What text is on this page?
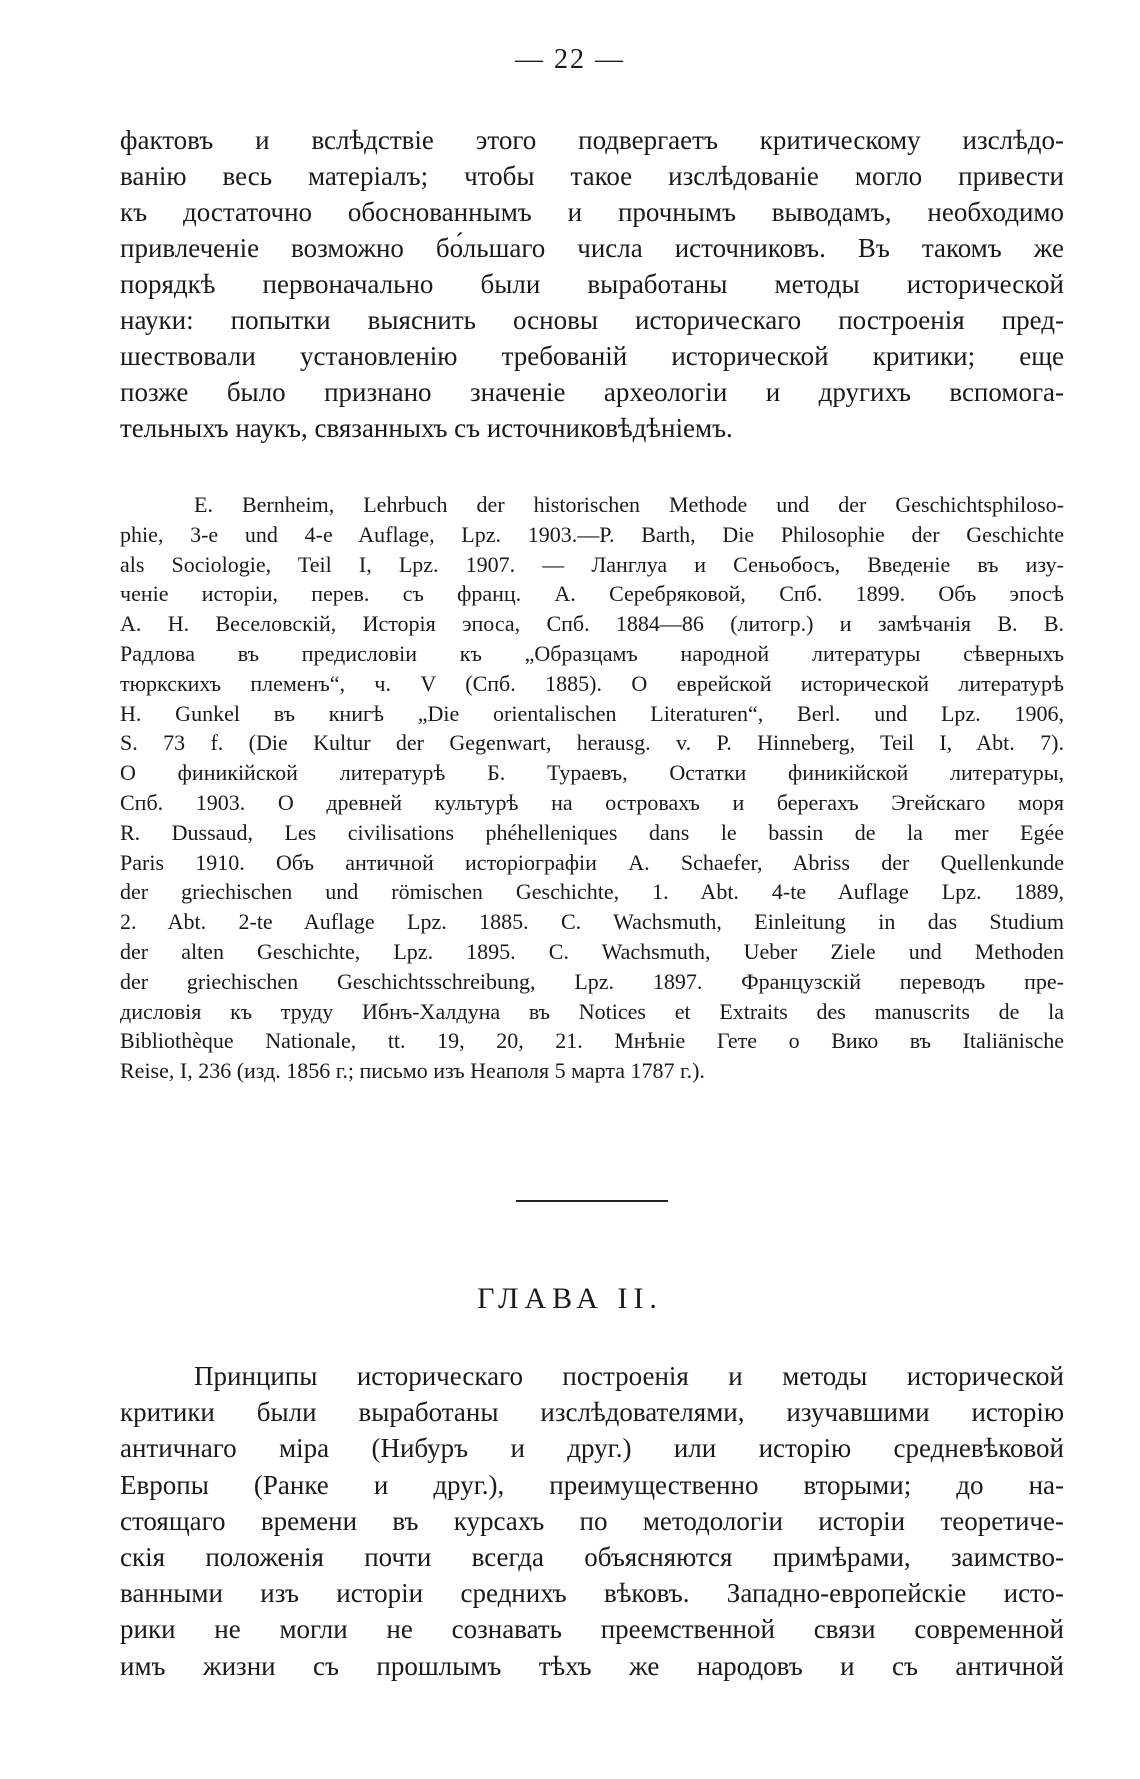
— 22 —

фактовъ и вслѣдствіе этого подвергаетъ критическому изслѣдо-
ванію весь матеріалъ; чтобы такое изслѣдованіе могло привести
къ достаточно обоснованнымъ и прочнымъ выводамъ, необходимо
привлеченіе возможно бо́льшаго числа источниковъ. Въ такомъ же
порядкѣ первоначально были выработаны методы исторической
науки: попытки выяснить основы историческаго построенія пред-
шествовали установленію требованій исторической критики; еще
позже было признано значеніе археологіи и другихъ вспомога-
тельныхъ наукъ, связанныхъ съ источниковѣдѣніемъ.
E. Bernheim, Lehrbuch der historischen Methode und der Geschichtsphiloso-
phie, 3-e und 4-e Auflage, Lpz. 1903.—P. Barth, Die Philosophie der Geschichte
als Sociologie, Teil I, Lpz. 1907. — Ланглуа и Сеньобосъ, Введеніе въ изу-
ченіе исторіи, перев. съ франц. А. Серебряковой, Спб. 1899. Объ эпосѣ
А. Н. Веселовскій, Исторія эпоса, Спб. 1884—86 (литогр.) и замѣчанія В. В.
Радлова въ предисловіи къ „Образцамъ народной литературы сѣверныхъ
тюркскихъ племенъ“, ч. V (Спб. 1885). О еврейской исторической литературѣ
H. Gunkel въ книгѣ „Die orientalischen Literaturen“, Berl. und Lpz. 1906,
S. 73 f. (Die Kultur der Gegenwart, herausg. v. P. Hinneberg, Teil I, Abt. 7).
О финикійской литературѣ Б. Тураевъ, Остатки финикійской литературы,
Спб. 1903. О древней культурѣ на островахъ и берегахъ Эгейскаго моря
R. Dussaud, Les civilisations phéhelleniques dans le bassin de la mer Egée
Paris 1910. Объ античной исторіографіи A. Schaefer, Abriss der Quellenkunde
der griechischen und römischen Geschichte, 1. Abt. 4-te Auflage Lpz. 1889,
2. Abt. 2-te Auflage Lpz. 1885. C. Wachsmuth, Einleitung in das Studium
der alten Geschichte, Lpz. 1895. C. Wachsmuth, Ueber Ziele und Methoden
der griechischen Geschichtsschreibung, Lpz. 1897. Французскій переводъ пре-
дисловія къ труду Ибнъ-Халдуна въ Notices et Extraits des manuscrits de la
Bibliothèque Nationale, tt. 19, 20, 21. Мнѣніе Гете о Вико въ Italiänische
Reise, I, 236 (изд. 1856 г.; письмо изъ Неаполя 5 марта 1787 г.).
ГЛАВА II.
Принципы историческаго построенія и методы исторической
критики были выработаны изслѣдователями, изучавшими исторію
античнаго міра (Нибуръ и друг.) или исторію средневѣковой
Европы (Ранке и друг.), преимущественно вторыми; до на-
стоящаго времени въ курсахъ по методологіи исторіи теоретиче-
скія положенія почти всегда объясняются примѣрами, заимство-
ванными изъ исторіи среднихъ вѣковъ. Западно-европейскіе исто-
рики не могли не сознавать преемственной связи современной
имъ жизни съ прошлымъ тѣхъ же народовъ и съ античной
